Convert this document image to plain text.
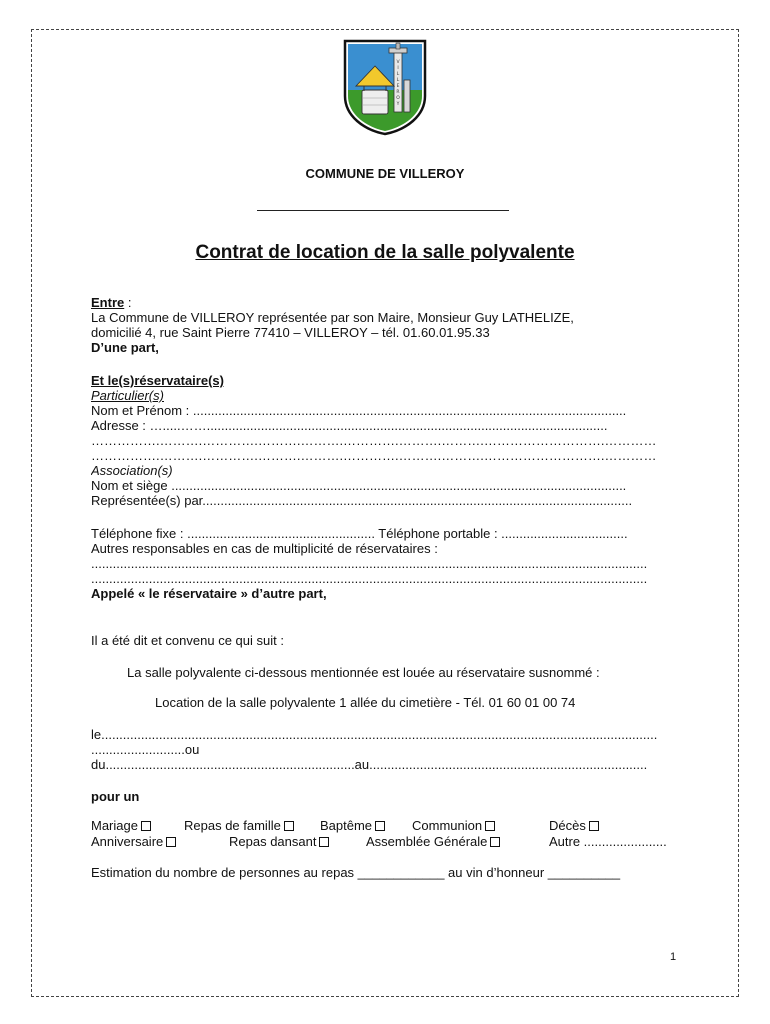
V
I
L
L
E
R
O
Y
COMMUNE DE VILLEROY
Contrat de location de la salle polyvalente
Entre :
La Commune de VILLEROY représentée par son Maire, Monsieur Guy LATHELIZE,
domicilié 4, rue Saint Pierre 77410 – VILLEROY – tél. 01.60.01.95.33
D’une part,
Et le(s)réservataire(s)
Particulier(s)
Nom et Prénom : ........................................................................................................................
Adresse : ….....……...............................................................................................................
…………….……….………….……….……….………….……….……….……………………….…………
…………….……….………….……….……….………….……….……….……………………….…………
Association(s)
Nom et siège ..............................................................................................................................
Représentée(s) par.......................................................................................................................
Téléphone fixe : .................................................... Téléphone portable : ...................................
Autres responsables en cas de multiplicité de réservataires :
..........................................................................................................................................................
..........................................................................................................................................................
Appelé « le réservataire » d’autre part,
Il a été dit et convenu ce qui suit :
La salle polyvalente ci-dessous mentionnée est louée au réservataire susnommé :
Location de la salle polyvalente 1 allée du cimetière - Tél. 01 60 01 00 74
le..........................................................................................................................................................
..........................ou
du.....................................................................au.............................................................................
pour un
Mariage	Repas de famille	Baptême	Communion	Décès
Anniversaire	Repas dansant	Assemblée Générale	Autre .......................
Estimation du nombre de personnes au repas ____________ au vin d’honneur __________
1
